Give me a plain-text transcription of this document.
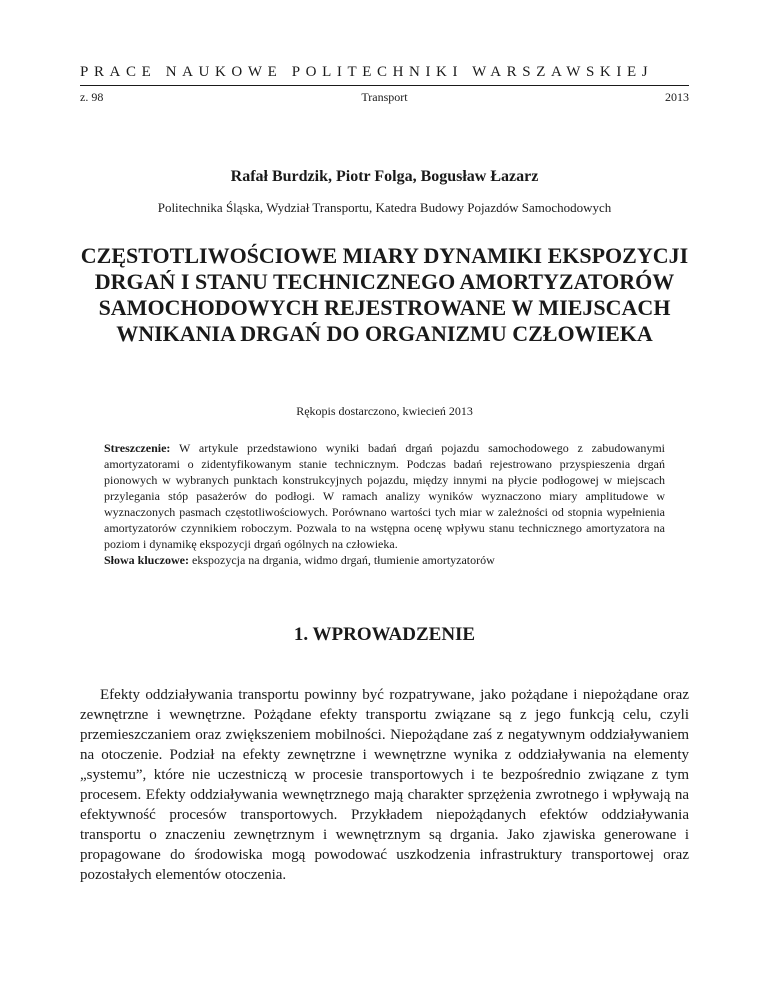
PRACE NAUKOWE POLITECHNIKI WARSZAWSKIEJ
z. 98	Transport	2013
Rafał Burdzik, Piotr Folga, Bogusław Łazarz
Politechnika Śląska, Wydział Transportu, Katedra Budowy Pojazdów Samochodowych
CZĘSTOTLIWOŚCIOWE MIARY DYNAMIKI EKSPOZYCJI DRGAŃ I STANU TECHNICZNEGO AMORTYZATORÓW SAMOCHODOWYCH REJESTROWANE W MIEJSCACH WNIKANIA DRGAŃ DO ORGANIZMU CZŁOWIEKA
Rękopis dostarczono, kwiecień 2013

Streszczenie: W artykule przedstawiono wyniki badań drgań pojazdu samochodowego z zabudowanymi amortyzatorami o zidentyfikowanym stanie technicznym. Podczas badań rejestrowano przyspieszenia drgań pionowych w wybranych punktach konstrukcyjnych pojazdu, między innymi na płycie podłogowej w miejscach przylegania stóp pasażerów do podłogi. W ramach analizy wyników wyznaczono miary amplitudowe w wyznaczonych pasmach częstotliwościowych. Porównano wartości tych miar w zależności od stopnia wypełnienia amortyzatorów czynnikiem roboczym. Pozwala to na wstępna ocenę wpływu stanu technicznego amortyzatora na poziom i dynamikę ekspozycji drgań ogólnych na człowieka.

Słowa kluczowe: ekspozycja na drgania, widmo drgań, tłumienie amortyzatorów

1. WPROWADZENIE

Efekty oddziaływania transportu powinny być rozpatrywane, jako pożądane i niepożądane oraz zewnętrzne i wewnętrzne. Pożądane efekty transportu związane są z jego funkcją celu, czyli przemieszczaniem oraz zwiększeniem mobilności. Niepożądane zaś z negatywnym oddziaływaniem na otoczenie. Podział na efekty zewnętrzne i wewnętrzne wynika z oddziaływania na elementy „systemu”, które nie uczestniczą w procesie transportowych i te bezpośrednio związane z tym procesem. Efekty oddziaływania wewnętrznego mają charakter sprzężenia zwrotnego i wpływają na efektywność procesów transportowych. Przykładem niepożądanych efektów oddziaływania transportu o znaczeniu zewnętrznym i wewnętrznym są drgania. Jako zjawiska generowane i propagowane do środowiska mogą powodować uszkodzenia infrastruktury transportowej oraz pozostałych elementów otoczenia.
